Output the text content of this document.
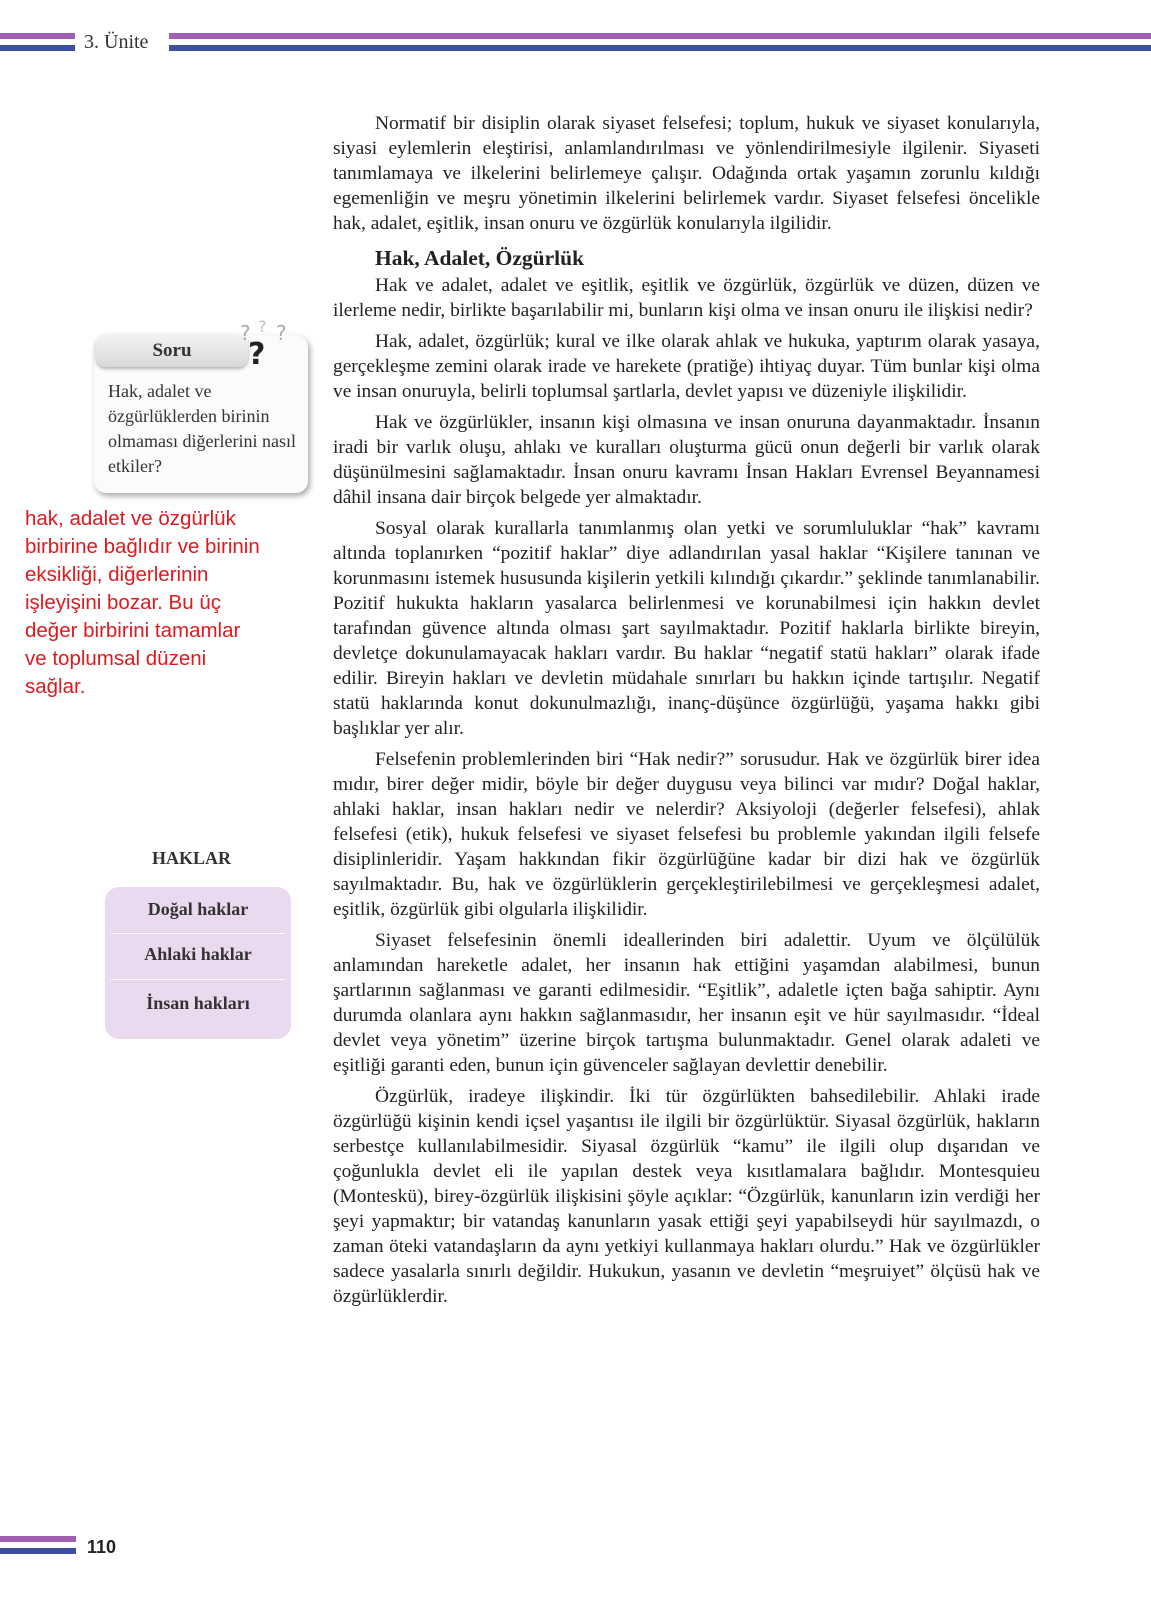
3. Ünite

Normatif bir disiplin olarak siyaset felsefesi; toplum, hukuk ve siyaset konularıyla, siyasi eylemlerin eleştirisi, anlamlandırılması ve yönlendirilmesiyle ilgilenir. Siyaseti tanımlamaya ve ilkelerini belirlemeye çalışır. Odağında ortak yaşamın zorunlu kıldığı egemenliğin ve meşru yönetimin ilkelerini belirlemek vardır. Siyaset felsefesi öncelikle hak, adalet, eşitlik, insan onuru ve özgürlük konularıyla ilgilidir.

Hak, Adalet, Özgürlük

Hak ve adalet, adalet ve eşitlik, eşitlik ve özgürlük, özgürlük ve düzen, düzen ve ilerleme nedir, birlikte başarılabilir mi, bunların kişi olma ve insan onuru ile ilişkisi nedir?

Hak, adalet, özgürlük; kural ve ilke olarak ahlak ve hukuka, yaptırım olarak yasaya, gerçekleşme zemini olarak irade ve harekete (pratiğe) ihtiyaç duyar. Tüm bunlar kişi olma ve insan onuruyla, belirli toplumsal şartlarla, devlet yapısı ve düzeniyle ilişkilidir.

Hak ve özgürlükler, insanın kişi olmasına ve insan onuruna dayanmaktadır. İnsanın iradi bir varlık oluşu, ahlakı ve kuralları oluşturma gücü onun değerli bir varlık olarak düşünülmesini sağlamaktadır. İnsan onuru kavramı İnsan Hakları Evrensel Beyannamesi dâhil insana dair birçok belgede yer almaktadır.

Sosyal olarak kurallarla tanımlanmış olan yetki ve sorumluluklar “hak” kavramı altında toplanırken “pozitif haklar” diye adlandırılan yasal haklar “Kişilere tanınan ve korunmasını istemek hususunda kişilerin yetkili kılındığı çıkardır.” şeklinde tanımlanabilir. Pozitif hukukta hakların yasalarca belirlenmesi ve korunabilmesi için hakkın devlet tarafından güvence altında olması şart sayılmaktadır. Pozitif haklarla birlikte bireyin, devletçe dokunulamayacak hakları vardır. Bu haklar “negatif statü hakları” olarak ifade edilir. Bireyin hakları ve devletin müdahale sınırları bu hakkın içinde tartışılır. Negatif statü haklarında konut dokunulmazlığı, inanç-düşünce özgürlüğü, yaşama hakkı gibi başlıklar yer alır.

Felsefenin problemlerinden biri “Hak nedir?” sorusudur. Hak ve özgürlük birer idea mıdır, birer değer midir, böyle bir değer duygusu veya bilinci var mıdır? Doğal haklar, ahlaki haklar, insan hakları nedir ve nelerdir? Aksiyoloji (değerler felsefesi), ahlak felsefesi (etik), hukuk felsefesi ve siyaset felsefesi bu problemle yakından ilgili felsefe disiplinleridir. Yaşam hakkından fikir özgürlüğüne kadar bir dizi hak ve özgürlük sayılmaktadır. Bu, hak ve özgürlüklerin gerçekleştirilebilmesi ve gerçekleşmesi adalet, eşitlik, özgürlük gibi olgularla ilişkilidir.

Siyaset felsefesinin önemli ideallerinden biri adalettir. Uyum ve ölçülülük anlamından hareketle adalet, her insanın hak ettiğini yaşamdan alabilmesi, bunun şartlarının sağlanması ve garanti edilmesidir. “Eşitlik”, adaletle içten bağa sahiptir. Aynı durumda olanlara aynı hakkın sağlanmasıdır, her insanın eşit ve hür sayılmasıdır. “İdeal devlet veya yönetim” üzerine birçok tartışma bulunmaktadır. Genel olarak adaleti ve eşitliği garanti eden, bunun için güvenceler sağlayan devlettir denebilir.

Özgürlük, iradeye ilişkindir. İki tür özgürlükten bahsedilebilir. Ahlaki irade özgürlüğü kişinin kendi içsel yaşantısı ile ilgili bir özgürlüktür. Siyasal özgürlük, hakların serbestçe kullanılabilmesidir. Siyasal özgürlük “kamu” ile ilgili olup dışarıdan ve çoğunlukla devlet eli ile yapılan destek veya kısıtlamalara bağlıdır. Montesquieu (Monteskü), birey-özgürlük ilişkisini şöyle açıklar: “Özgürlük, kanunların izin verdiği her şeyi yapmaktır; bir vatandaş kanunların yasak ettiği şeyi yapabilseydi hür sayılmazdı, o zaman öteki vatandaşların da aynı yetkiyi kullanmaya hakları olurdu.” Hak ve özgürlükler sadece yasalarla sınırlı değildir. Hukukun, yasanın ve devletin “meşruiyet” ölçüsü hak ve özgürlüklerdir.

Soru
? ? ?
?
Hak, adalet ve özgürlüklerden birinin olmaması diğerlerini nasıl etkiler?
hak, adalet ve özgürlük birbirine bağlıdır ve birinin eksikliği, diğerlerinin işleyişini bozar. Bu üç değer birbirini tamamlar ve toplumsal düzeni sağlar.
HAKLAR
Doğal haklar
Ahlaki haklar
İnsan hakları
110
